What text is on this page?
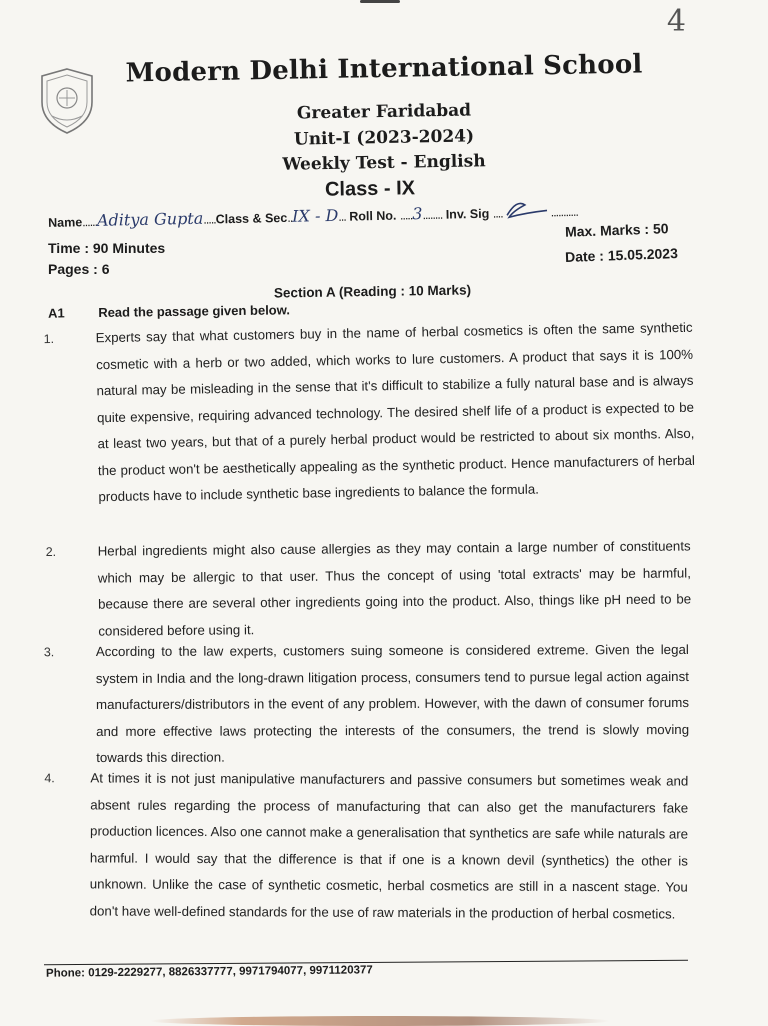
4
Modern Delhi International School
Greater Faridabad
Unit-I (2023-2024)
Weekly Test - English
Class - IX
Name......Aditya Gupta.....Class & Sec..IX - D... Roll No. .....3........ Inv. Sig ....	...........
Time : 90 Minutes
Pages : 6
Max. Marks : 50
Date : 15.05.2023
Section A (Reading : 10 Marks)
A1	Read the passage given below.
1.	Experts say that what customers buy in the name of herbal cosmetics is often the same synthetic cosmetic with a herb or two added, which works to lure customers. A product that says it is 100% natural may be misleading in the sense that it's difficult to stabilize a fully natural base and is always quite expensive, requiring advanced technology. The desired shelf life of a product is expected to be at least two years, but that of a purely herbal product would be restricted to about six months. Also, the product won't be aesthetically appealing as the synthetic product. Hence manufacturers of herbal products have to include synthetic base ingredients to balance the formula.
2.	Herbal ingredients might also cause allergies as they may contain a large number of constituents which may be allergic to that user. Thus the concept of using 'total extracts' may be harmful, because there are several other ingredients going into the product. Also, things like pH need to be considered before using it.
3.	According to the law experts, customers suing someone is considered extreme. Given the legal system in India and the long-drawn litigation process, consumers tend to pursue legal action against manufacturers/distributors in the event of any problem. However, with the dawn of consumer forums and more effective laws protecting the interests of the consumers, the trend is slowly moving towards this direction.
4.	At times it is not just manipulative manufacturers and passive consumers but sometimes weak and absent rules regarding the process of manufacturing that can also get the manufacturers fake production licences. Also one cannot make a generalisation that synthetics are safe while naturals are harmful. I would say that the difference is that if one is a known devil (synthetics) the other is unknown. Unlike the case of synthetic cosmetic, herbal cosmetics are still in a nascent stage. You don't have well-defined standards for the use of raw materials in the production of herbal cosmetics.
Phone: 0129-2229277, 8826337777, 9971794077, 9971120377
